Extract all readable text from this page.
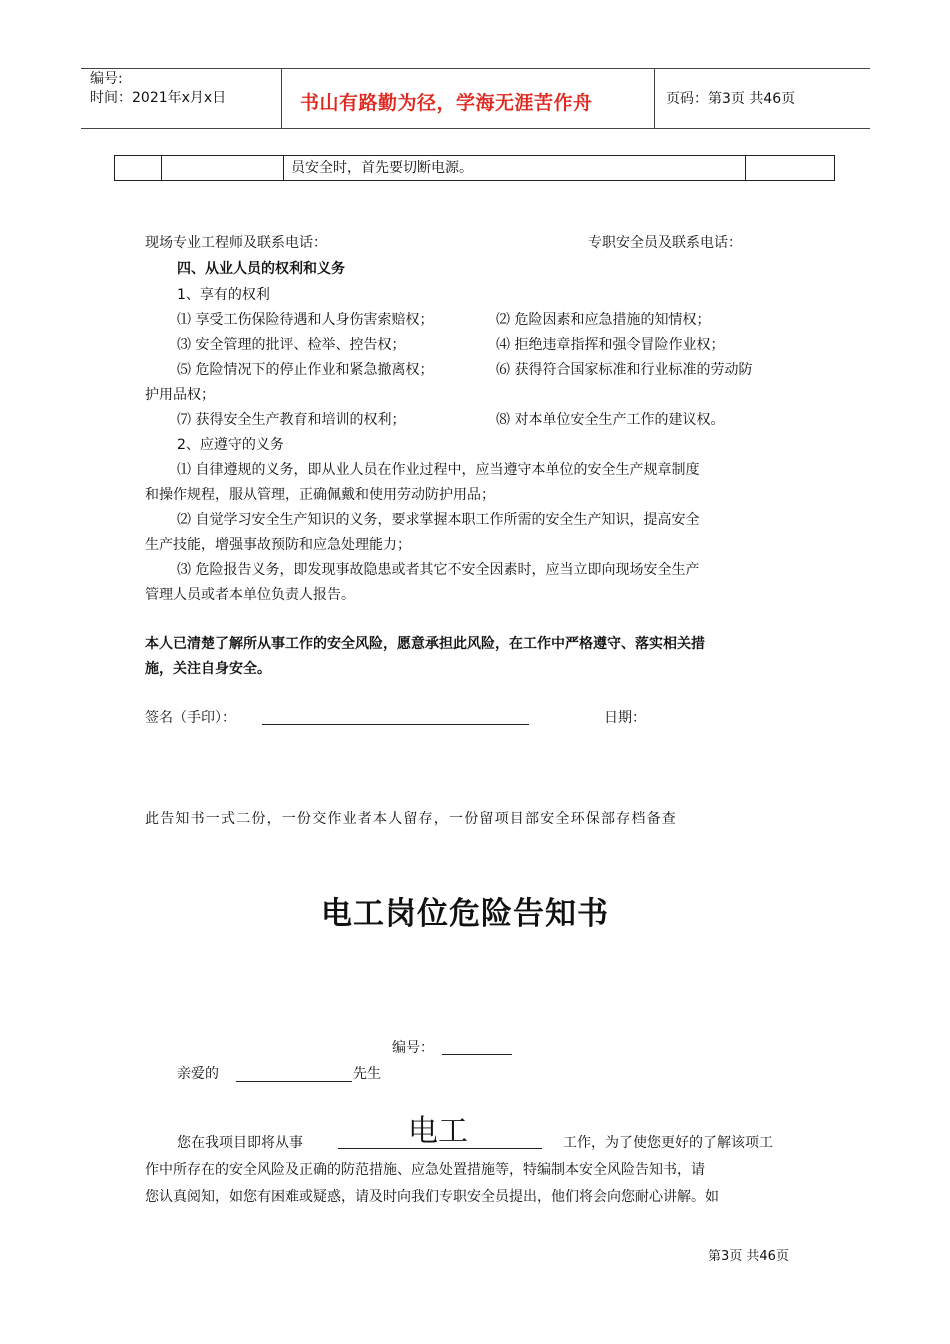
编号:
时间：2021年x月x日	书山有路勤为径，学海无涯苦作舟	页码：第3页 共46页
员安全时，首先要切断电源。
现场专业工程师及联系电话：	专职安全员及联系电话：
四、从业人员的权利和义务
1、享有的权利
⑴ 享受工伤保险待遇和人身伤害索赔权；	⑵ 危险因素和应急措施的知情权；
⑶ 安全管理的批评、检举、控告权；	⑷ 拒绝违章指挥和强令冒险作业权；
⑸ 危险情况下的停止作业和紧急撤离权；	⑹ 获得符合国家标准和行业标准的劳动防
护用品权；
⑺ 获得安全生产教育和培训的权利；	⑻ 对本单位安全生产工作的建议权。
2、应遵守的义务
⑴ 自律遵规的义务，即从业人员在作业过程中，应当遵守本单位的安全生产规章制度
和操作规程，服从管理，正确佩戴和使用劳动防护用品；
⑵ 自觉学习安全生产知识的义务，要求掌握本职工作所需的安全生产知识，提高安全
生产技能，增强事故预防和应急处理能力；
⑶ 危险报告义务，即发现事故隐患或者其它不安全因素时，应当立即向现场安全生产
管理人员或者本单位负责人报告。
本人已清楚了解所从事工作的安全风险，愿意承担此风险，在工作中严格遵守、落实相关措
施，关注自身安全。
签名（手印）：	日期：
此告知书一式二份，一份交作业者本人留存，一份留项目部安全环保部存档备查
电工岗位危险告知书
编号：
亲爱的	先生
您在我项目即将从事	电工	工作，为了使您更好的了解该项工
作中所存在的安全风险及正确的防范措施、应急处置措施等，特编制本安全风险告知书，请
您认真阅知，如您有困难或疑惑，请及时向我们专职安全员提出，他们将会向您耐心讲解。如
第3页 共46页
